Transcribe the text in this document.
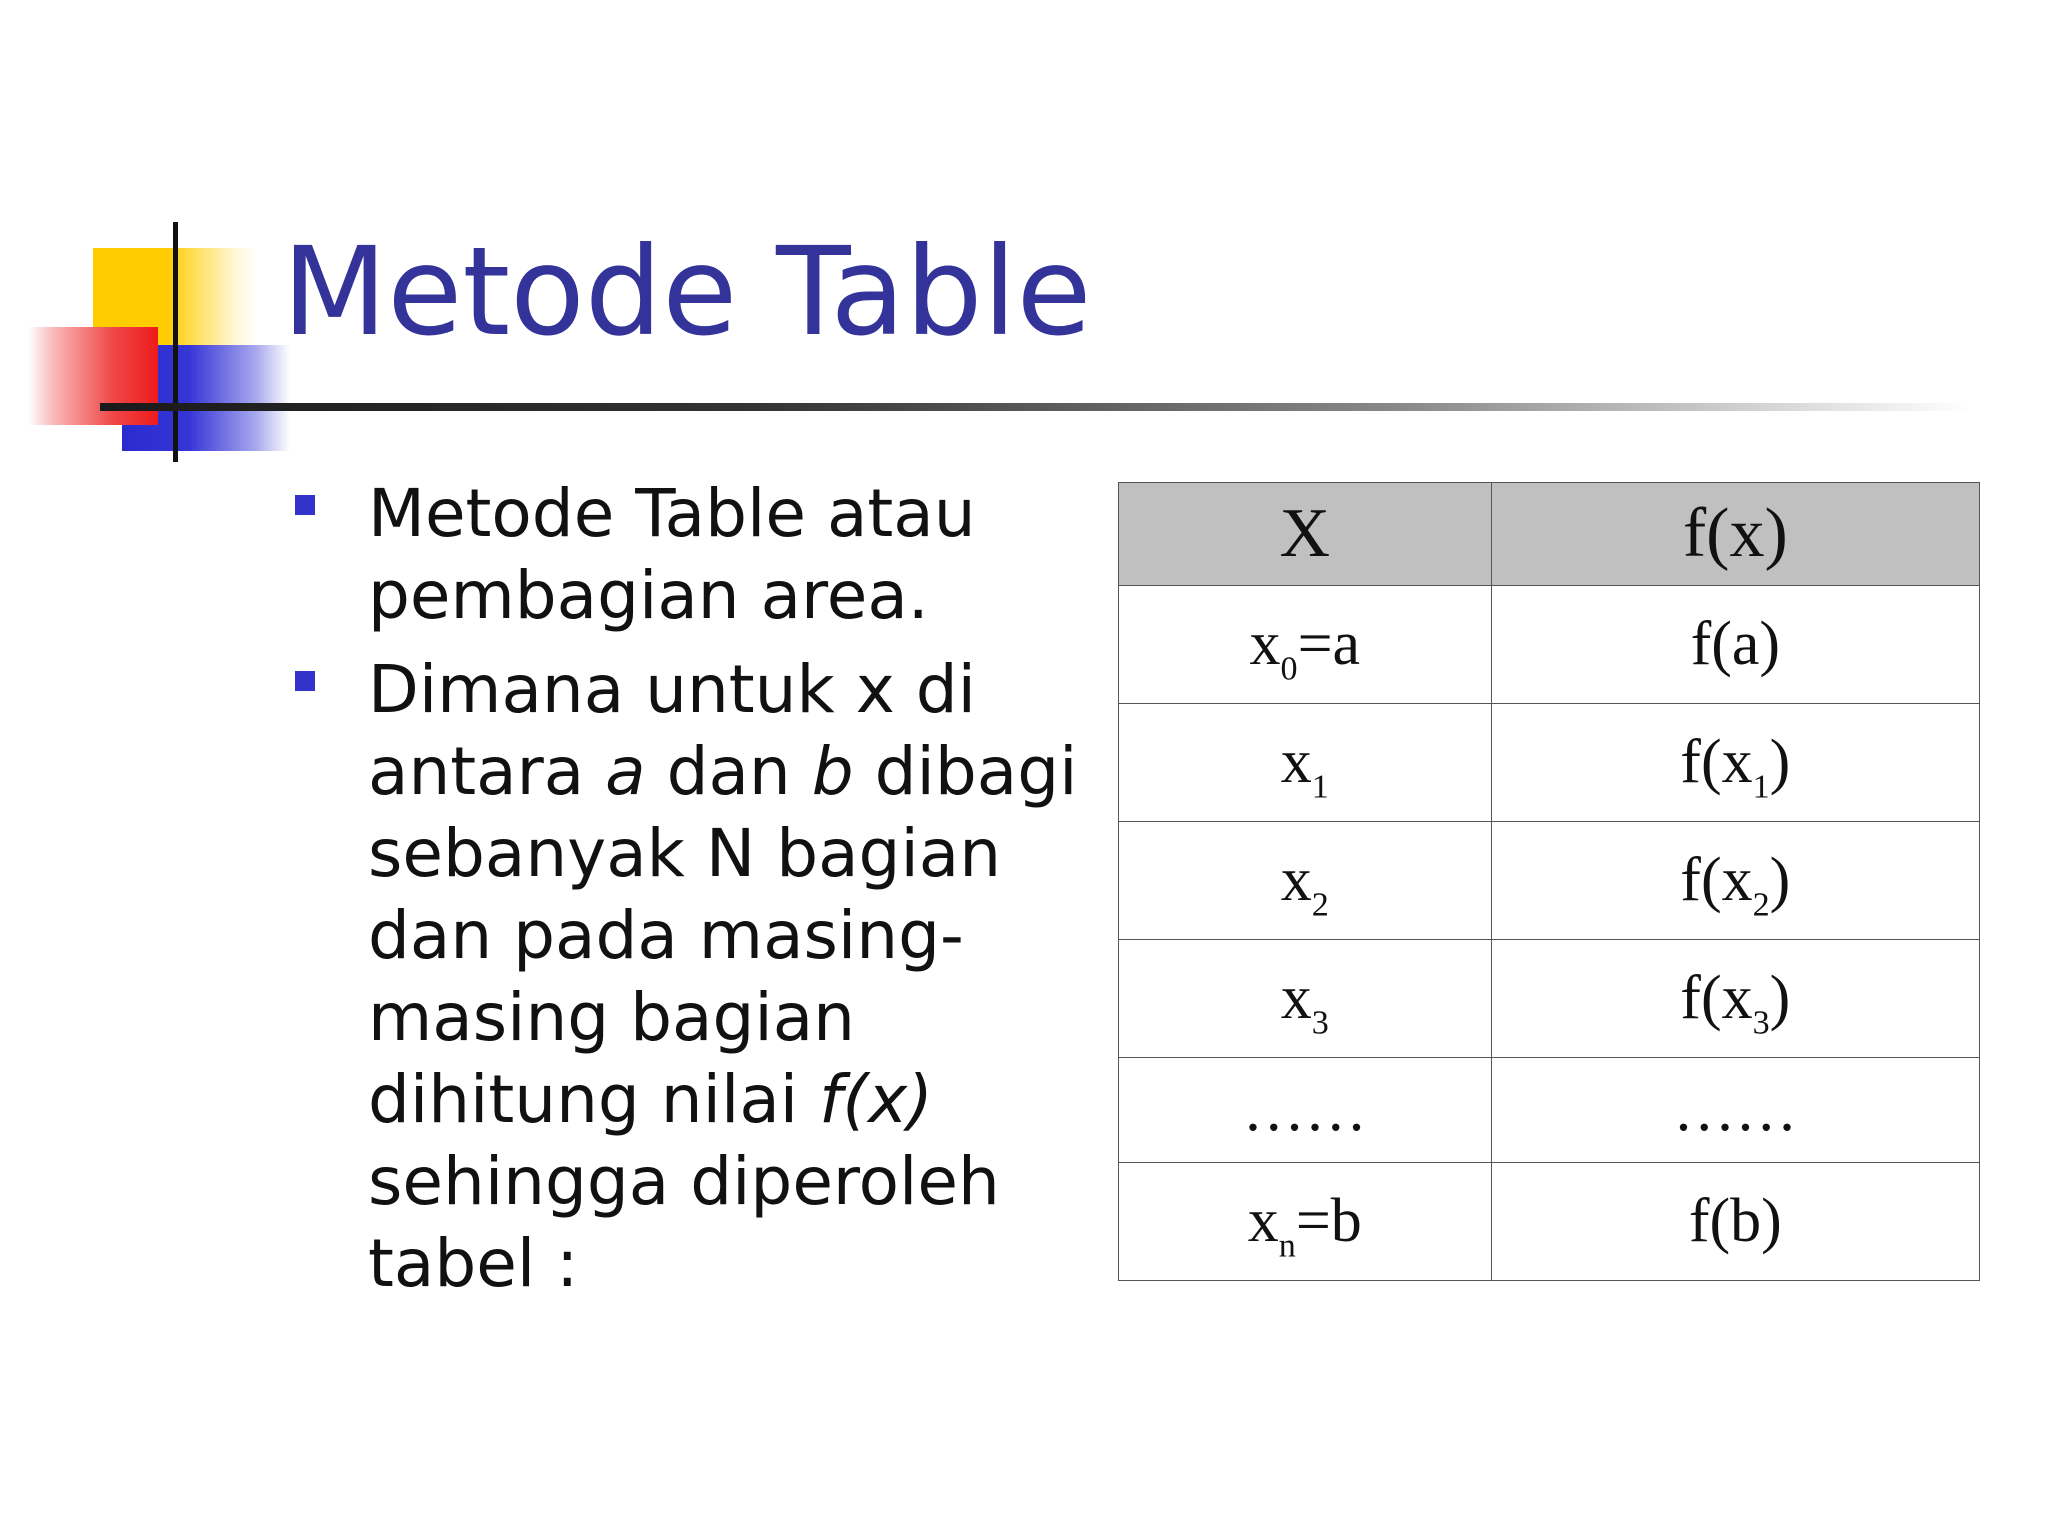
Metode Table
Metode Table atau pembagian area.
Dimana untuk x di antara a dan b dibagi sebanyak N bagian dan pada masing-masing bagian dihitung nilai f(x) sehingga diperoleh tabel :
X	f(x)
$x_0=a$	f(a)
$x_1$	$f(x_1)$
$x_2$	$f(x_2)$
$x_3$	$f(x_3)$
……	……
$x_n=b$	f(b)
